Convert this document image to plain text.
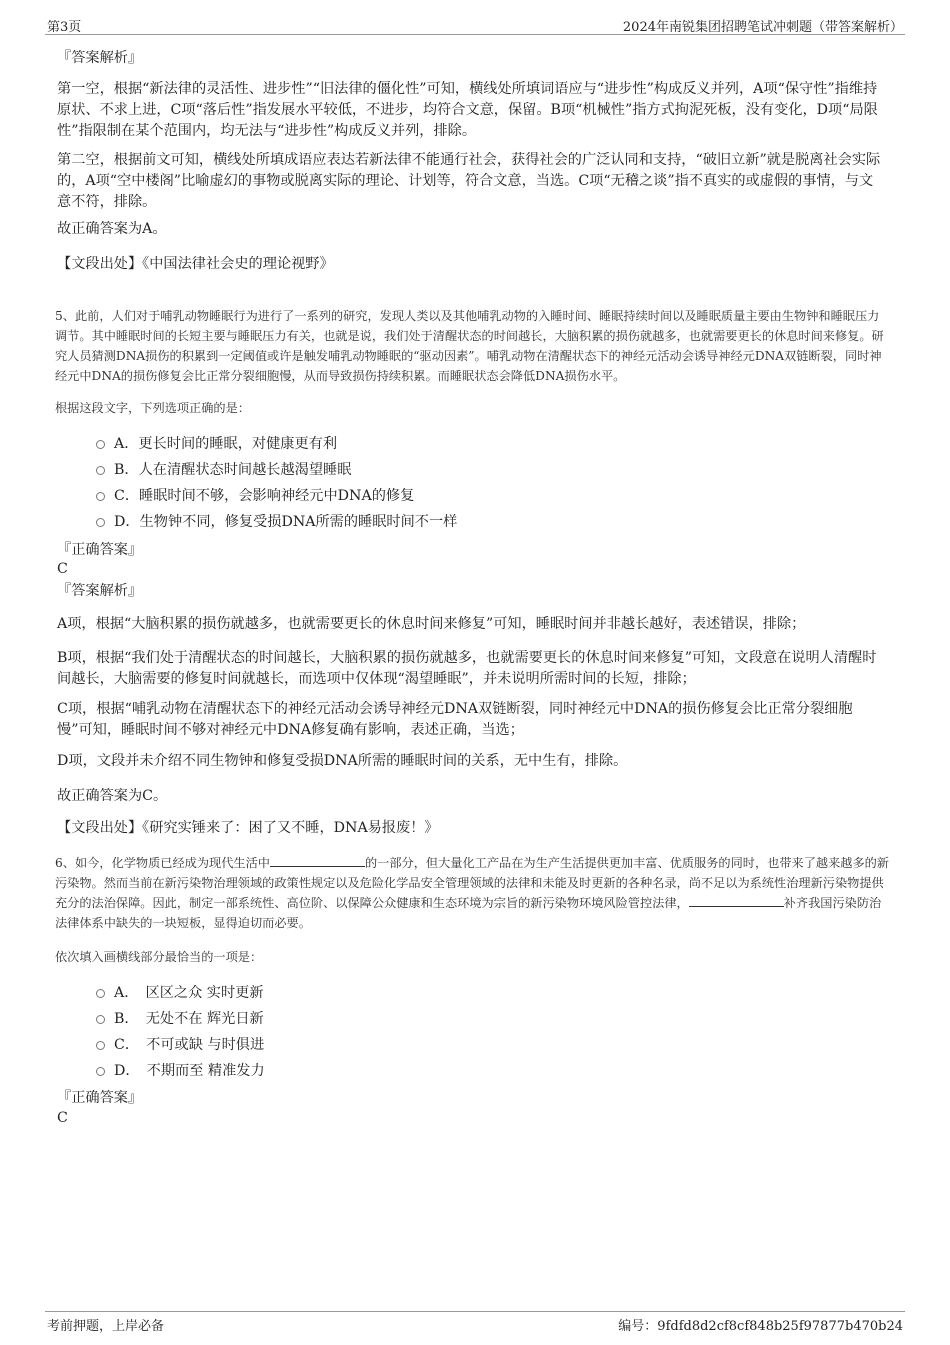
第3页	2024年南锐集团招聘笔试冲刺题（带答案解析）

『答案解析』

第一空，根据“新法律的灵活性、进步性”“旧法律的僵化性”可知，横线处所填词语应与“进步性”构成反义并列，A项“保守性”指维持原状、不求上进，C项“落后性”指发展水平较低，不进步，均符合文意，保留。B项“机械性”指方式拘泥死板，没有变化，D项“局限性”指限制在某个范围内，均无法与“进步性”构成反义并列，排除。

第二空，根据前文可知，横线处所填成语应表达若新法律不能通行社会，获得社会的广泛认同和支持，“破旧立新”就是脱离社会实际的，A项“空中楼阁”比喻虚幻的事物或脱离实际的理论、计划等，符合文意，当选。C项“无稽之谈”指不真实的或虚假的事情，与文意不符，排除。

故正确答案为A。

【文段出处】《中国法律社会史的理论视野》

5、此前，人们对于哺乳动物睡眠行为进行了一系列的研究，发现人类以及其他哺乳动物的入睡时间、睡眠持续时间以及睡眠质量主要由生物钟和睡眠压力调节。其中睡眠时间的长短主要与睡眠压力有关，也就是说，我们处于清醒状态的时间越长，大脑积累的损伤就越多，也就需要更长的休息时间来修复。研究人员猜测DNA损伤的积累到一定阈值或许是触发哺乳动物睡眠的“驱动因素”。哺乳动物在清醒状态下的神经元活动会诱导神经元DNA双链断裂，同时神经元中DNA的损伤修复会比正常分裂细胞慢，从而导致损伤持续积累。而睡眠状态会降低DNA损伤水平。

根据这段文字，下列选项正确的是：

A．更长时间的睡眠，对健康更有利
B．人在清醒状态时间越长越渴望睡眠
C．睡眠时间不够，会影响神经元中DNA的修复
D．生物钟不同，修复受损DNA所需的睡眠时间不一样

『正确答案』

C

『答案解析』

A项，根据“大脑积累的损伤就越多，也就需要更长的休息时间来修复”可知，睡眠时间并非越长越好，表述错误，排除；

B项，根据“我们处于清醒状态的时间越长，大脑积累的损伤就越多，也就需要更长的休息时间来修复”可知，文段意在说明人清醒时间越长，大脑需要的修复时间就越长，而选项中仅体现“渴望睡眠”，并未说明所需时间的长短，排除；

C项，根据“哺乳动物在清醒状态下的神经元活动会诱导神经元DNA双链断裂，同时神经元中DNA的损伤修复会比正常分裂细胞慢”可知，睡眠时间不够对神经元中DNA修复确有影响，表述正确，当选；

D项，文段并未介绍不同生物钟和修复受损DNA所需的睡眠时间的关系，无中生有，排除。

故正确答案为C。

【文段出处】《研究实锤来了：困了又不睡，DNA易报废！》

6、如今，化学物质已经成为现代生活中	的一部分，但大量化工产品在为生产生活提供更加丰富、优质服务的同时，也带来了越来越多的新污染物。然而当前在新污染物治理领域的政策性规定以及危险化学品安全管理领域的法律和未能及时更新的各种名录，尚不足以为系统性治理新污染物提供充分的法治保障。因此，制定一部系统性、高位阶、以保障公众健康和生态环境为宗旨的新污染物环境风险管控法律，	补齐我国污染防治法律体系中缺失的一块短板，显得迫切而必要。

依次填入画横线部分最恰当的一项是：

A．　区区之众 实时更新
B．　无处不在 辉光日新
C．　不可或缺 与时俱进
D．　不期而至 精准发力

『正确答案』

C

考前押题，上岸必备	编号：9fdfd8d2cf8cf848b25f97877b470b24
